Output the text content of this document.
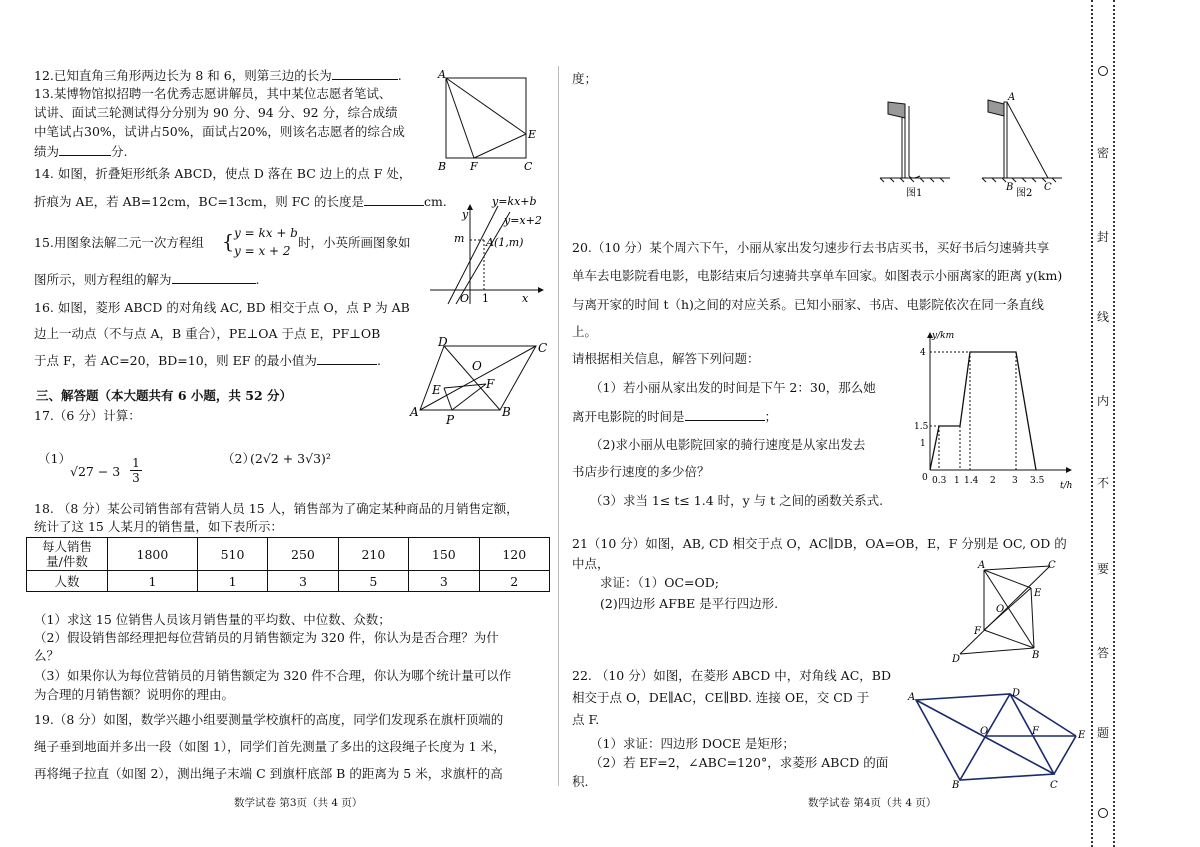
12.已知直角三角形两边长为 8 和 6，则第三边的长为	.
13.某博物馆拟招聘一名优秀志愿讲解员，其中某位志愿者笔试、
试讲、面试三轮测试得分分别为 90 分、94 分、92 分，综合成绩
中笔试占30%，试讲占50%，面试占20%，则该名志愿者的综合成
绩为	分.
14. 如图，折叠矩形纸条 ABCD，使点 D 落在 BC 边上的点 F 处，
折痕为 AE，若 AB=12cm，BC=13cm，则 FC 的长度是	cm.
15.用图象法解二元一次方程组 { y = kx + b
y = x + 2
时，小英所画图象如
图所示，则方程组的解为	.
16. 如图，菱形 ABCD 的对角线 AC, BD 相交于点 O，点 P 为 AB
边上一动点（不与点 A，B 重合），PE⊥OA 于点 E，PF⊥OB
于点 F，若 AC=20，BD=10，则 EF 的最小值为	.
三、解答题（本大题共有 6 小题，共 52 分）
17.（6 分）计算：
（1）
√27 − 3
1
3
（2）
(2√2 + 3√3)²
18. （8 分）某公司销售部有营销人员 15 人，销售部为了确定某种商品的月销售定额，
统计了这 15 人某月的销售量，如下表所示：
每人销售
量/件数	1800	510	250	210	150	120
人数	1	1	3	5	3	2
（1）求这 15 位销售人员该月销售量的平均数、中位数、众数；
（2）假设销售部经理把每位营销员的月销售额定为 320 件，你认为是否合理？为什
么？
（3）如果你认为每位营销员的月销售额定为 320 件不合理，你认为哪个统计量可以作
为合理的月销售额？说明你的理由。
19.（8 分）如图，数学兴趣小组要测量学校旗杆的高度，同学们发现系在旗杆顶端的
绳子垂到地面并多出一段（如图 1），同学们首先测量了多出的这段绳子长度为 1 米，
再将绳子拉直（如图 2），测出绳子末端 C 到旗杆底部 B 的距离为 5 米，求旗杆的高
数学试卷 第3页（共 4 页）
A
B F	C
E
y=kx+b
y=x+2
A(1,m)
m
y
x
O 1
A	B
C
D
O
E	F
P
度；
图1
A
B	C
图2
20.（10 分）某个周六下午，小丽从家出发匀速步行去书店买书，买好书后匀速骑共享
单车去电影院看电影，电影结束后匀速骑共享单车回家。如图表示小丽离家的距离 y(km)
与离开家的时间 t（h)之间的对应关系。已知小丽家、书店、电影院依次在同一条直线
上。
请根据相关信息，解答下列问题：
（1）若小丽从家出发的时间是下午 2：30，那么她
离开电影院的时间是	；
（2)求小丽从电影院回家的骑行速度是从家出发去
书店步行速度的多少倍？
（3）求当 1≤ t≤ 1.4 时，y 与 t 之间的函数关系式.
y/km
t/h
4
1.5
1
0 0.3 1 1.4 2 3 3.5
21（10 分）如图，AB, CD 相交于点 O，AC∥DB，OA=OB，E，F 分别是 OC, OD 的
中点，
求证：（1）OC=OD;
(2)四边形 AFBE 是平行四边形.
A	C
E
O
F
D	B
22. （10 分）如图，在菱形 ABCD 中，对角线 AC，BD
相交于点 O，DE∥AC，CE∥BD. 连接 OE，交 CD 于
点 F.
（1）求证：四边形 DOCE 是矩形；
（2）若 EF=2，∠ABC=120°，求菱形 ABCD 的面
积.
A	D
E
O	F
B	C
数学试卷 第4页（共 4 页）
密
封
线
内
不
要
答
题
